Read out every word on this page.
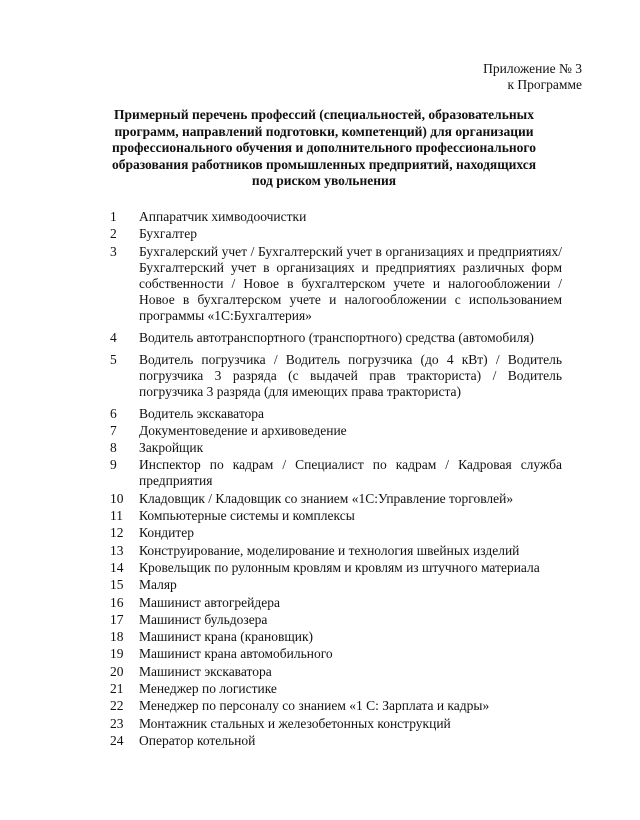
Приложение № 3
к Программе
Примерный перечень профессий (специальностей, образовательных программ, направлений подготовки, компетенций) для организации профессионального обучения и дополнительного профессионального образования работников промышленных предприятий, находящихся под риском увольнения
1	Аппаратчик химводоочистки
2	Бухгалтер
3	Бухгалерский учет / Бухгалтерский учет в организациях и предприятиях/ Бухгалтерский учет в организациях и предприятиях различных форм собственности / Новое в бухгалтерском учете и налогообложении / Новое в бухгалтерском учете и налогообложении с использованием программы «1С:Бухгалтерия»
4	Водитель автотранспортного (транспортного) средства (автомобиля)
5	Водитель погрузчика / Водитель погрузчика (до 4 кВт) / Водитель погрузчика 3 разряда (с выдачей прав тракториста) / Водитель погрузчика 3 разряда (для имеющих права тракториста)
6	Водитель экскаватора
7	Документоведение и архивоведение
8	Закройщик
9	Инспектор по кадрам / Специалист по кадрам / Кадровая служба предприятия
10	Кладовщик / Кладовщик со знанием «1С:Управление торговлей»
11	Компьютерные системы и комплексы
12	Кондитер
13	Конструирование, моделирование и технология швейных изделий
14	Кровельщик по рулонным кровлям и кровлям из штучного материала
15	Маляр
16	Машинист автогрейдера
17	Машинист бульдозера
18	Машинист крана (крановщик)
19	Машинист крана автомобильного
20	Машинист экскаватора
21	Менеджер по логистике
22	Менеджер по персоналу со знанием «1 С: Зарплата и кадры»
23	Монтажник стальных и железобетонных конструкций
24	Оператор котельной
